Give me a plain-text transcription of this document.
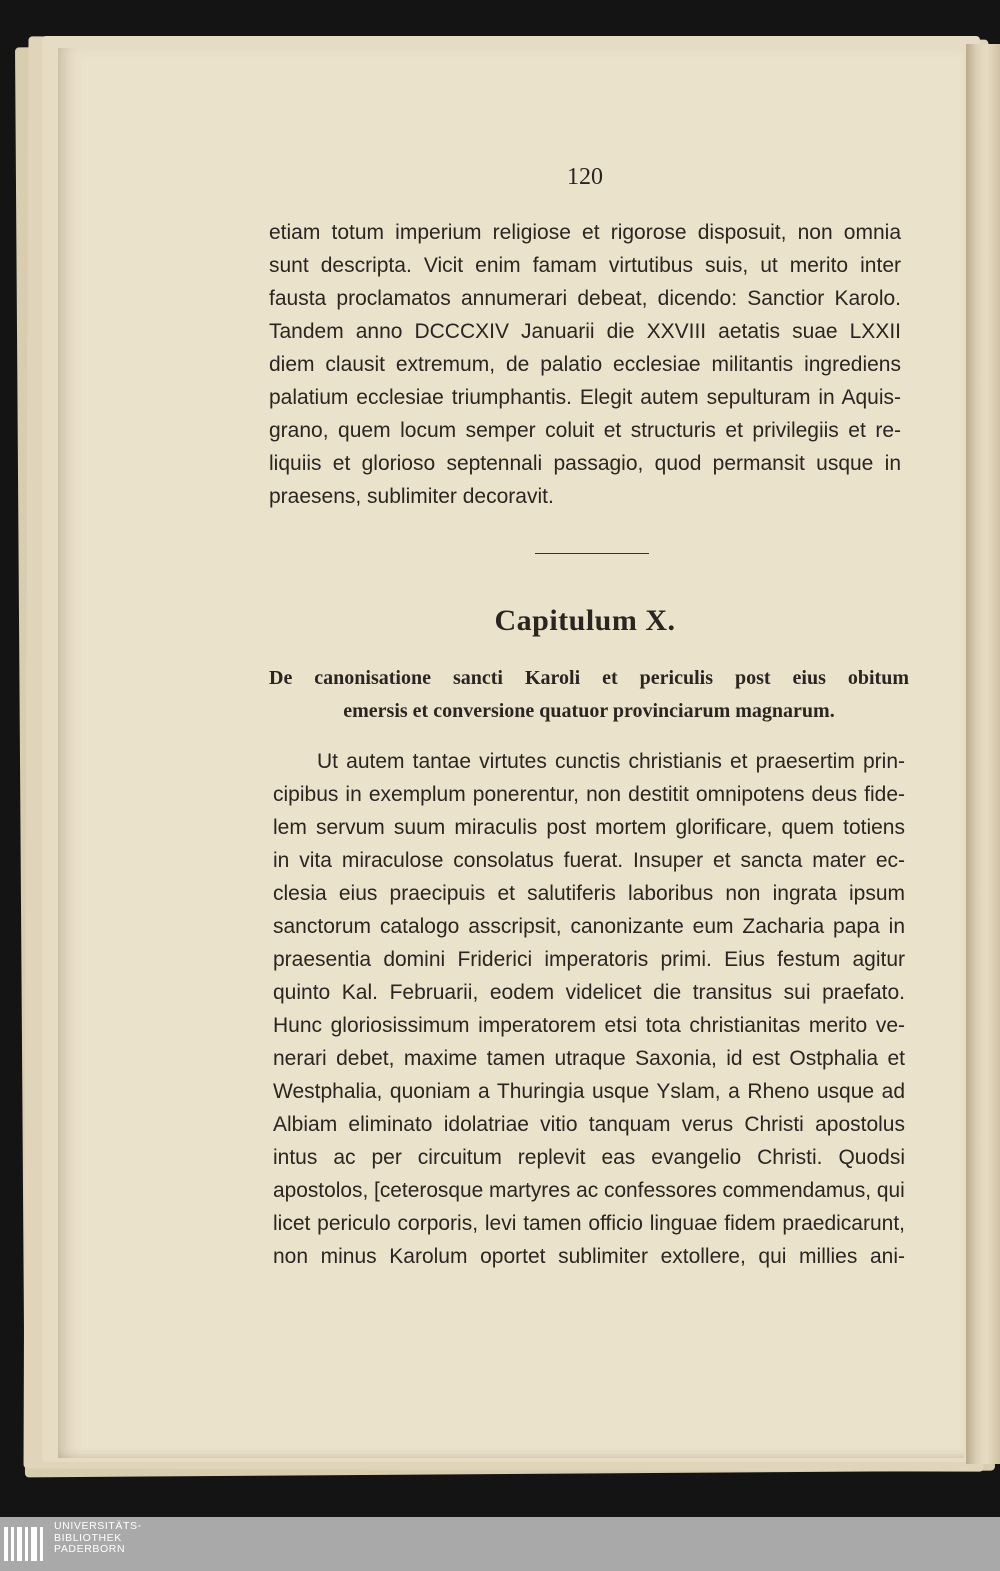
120
etiam totum imperium religiose et rigorose disposuit, non omnia
sunt descripta. Vicit enim famam virtutibus suis, ut merito inter
fausta proclamatos annumerari debeat, dicendo: Sanctior Karolo.
Tandem anno DCCCXIV Januarii die XXVIII aetatis suae LXXII
diem clausit extremum, de palatio ecclesiae militantis ingrediens
palatium ecclesiae triumphantis. Elegit autem sepulturam in Aquis-
grano, quem locum semper coluit et structuris et privilegiis et re-
liquiis et glorioso septennali passagio, quod permansit usque in
praesens, sublimiter decoravit.
Capitulum X.
De canonisatione sancti Karoli et periculis post eius obitum
emersis et conversione quatuor provinciarum magnarum.
Ut autem tantae virtutes cunctis christianis et praesertim prin-
cipibus in exemplum ponerentur, non destitit omnipotens deus fide-
lem servum suum miraculis post mortem glorificare, quem totiens
in vita miraculose consolatus fuerat. Insuper et sancta mater ec-
clesia eius praecipuis et salutiferis laboribus non ingrata ipsum
sanctorum catalogo asscripsit, canonizante eum Zacharia papa in
praesentia domini Friderici imperatoris primi. Eius festum agitur
quinto Kal. Februarii, eodem videlicet die transitus sui praefato.
Hunc gloriosissimum imperatorem etsi tota christianitas merito ve-
nerari debet, maxime tamen utraque Saxonia, id est Ostphalia et
Westphalia, quoniam a Thuringia usque Yslam, a Rheno usque ad
Albiam eliminato idolatriae vitio tanquam verus Christi apostolus
intus ac per circuitum replevit eas evangelio Christi. Quodsi
apostolos, [ceterosque martyres ac confessores commendamus, qui
licet periculo corporis, levi tamen officio linguae fidem praedicarunt,
non minus Karolum oportet sublimiter extollere, qui millies ani-
UNIVERSITÄTS-
BIBLIOTHEK
PADERBORN
